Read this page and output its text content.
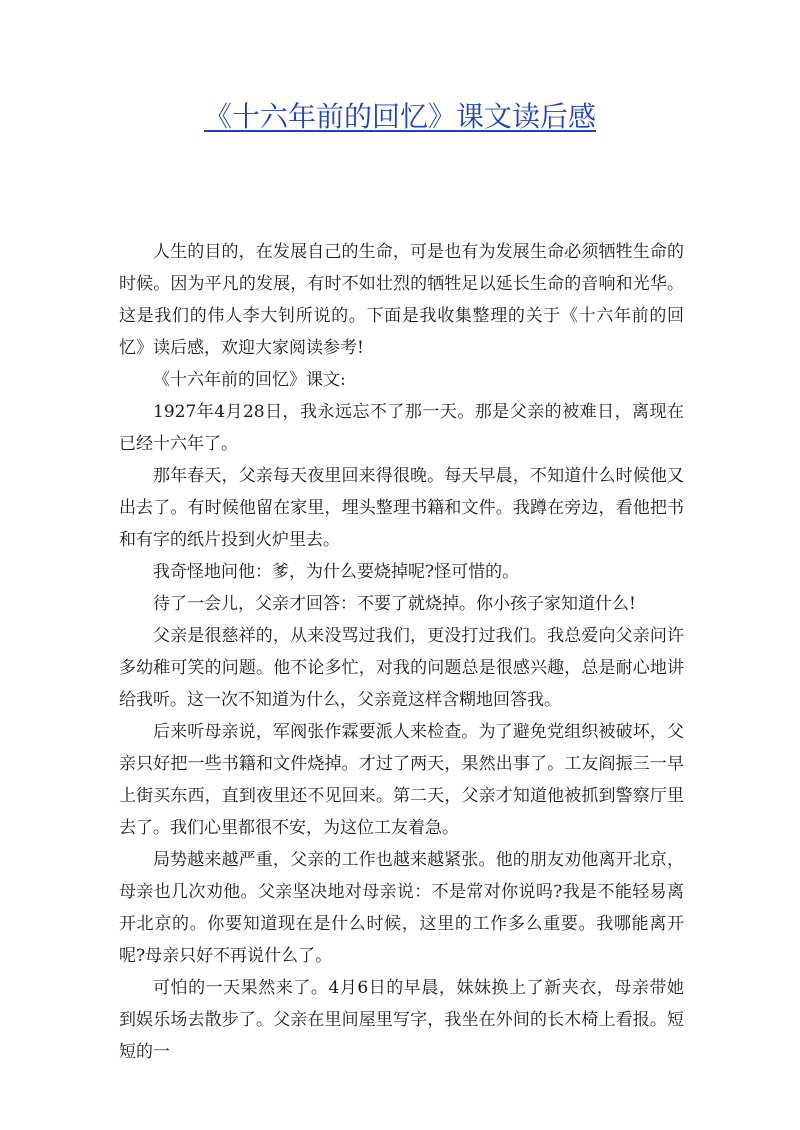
《十六年前的回忆》课文读后感

人生的目的，在发展自己的生命，可是也有为发展生命必须牺牲生命的时候。因为平凡的发展，有时不如壮烈的牺牲足以延长生命的音响和光华。这是我们的伟人李大钊所说的。下面是我收集整理的关于《十六年前的回忆》读后感，欢迎大家阅读参考!

《十六年前的回忆》课文:

1927年4月28日，我永远忘不了那一天。那是父亲的被难日，离现在已经十六年了。

那年春天，父亲每天夜里回来得很晚。每天早晨，不知道什么时候他又出去了。有时候他留在家里，埋头整理书籍和文件。我蹲在旁边，看他把书和有字的纸片投到火炉里去。

我奇怪地问他：爹，为什么要烧掉呢?怪可惜的。

待了一会儿，父亲才回答：不要了就烧掉。你小孩子家知道什么!

父亲是很慈祥的，从来没骂过我们，更没打过我们。我总爱向父亲问许多幼稚可笑的问题。他不论多忙，对我的问题总是很感兴趣，总是耐心地讲给我听。这一次不知道为什么，父亲竟这样含糊地回答我。

后来听母亲说，军阀张作霖要派人来检查。为了避免党组织被破坏，父亲只好把一些书籍和文件烧掉。才过了两天，果然出事了。工友阎振三一早上街买东西，直到夜里还不见回来。第二天，父亲才知道他被抓到警察厅里去了。我们心里都很不安，为这位工友着急。

局势越来越严重，父亲的工作也越来越紧张。他的朋友劝他离开北京，母亲也几次劝他。父亲坚决地对母亲说：不是常对你说吗?我是不能轻易离开北京的。你要知道现在是什么时候，这里的工作多么重要。我哪能离开呢?母亲只好不再说什么了。

可怕的一天果然来了。4月6日的早晨，妹妹换上了新夹衣，母亲带她到娱乐场去散步了。父亲在里间屋里写字，我坐在外间的长木椅上看报。短短的一
